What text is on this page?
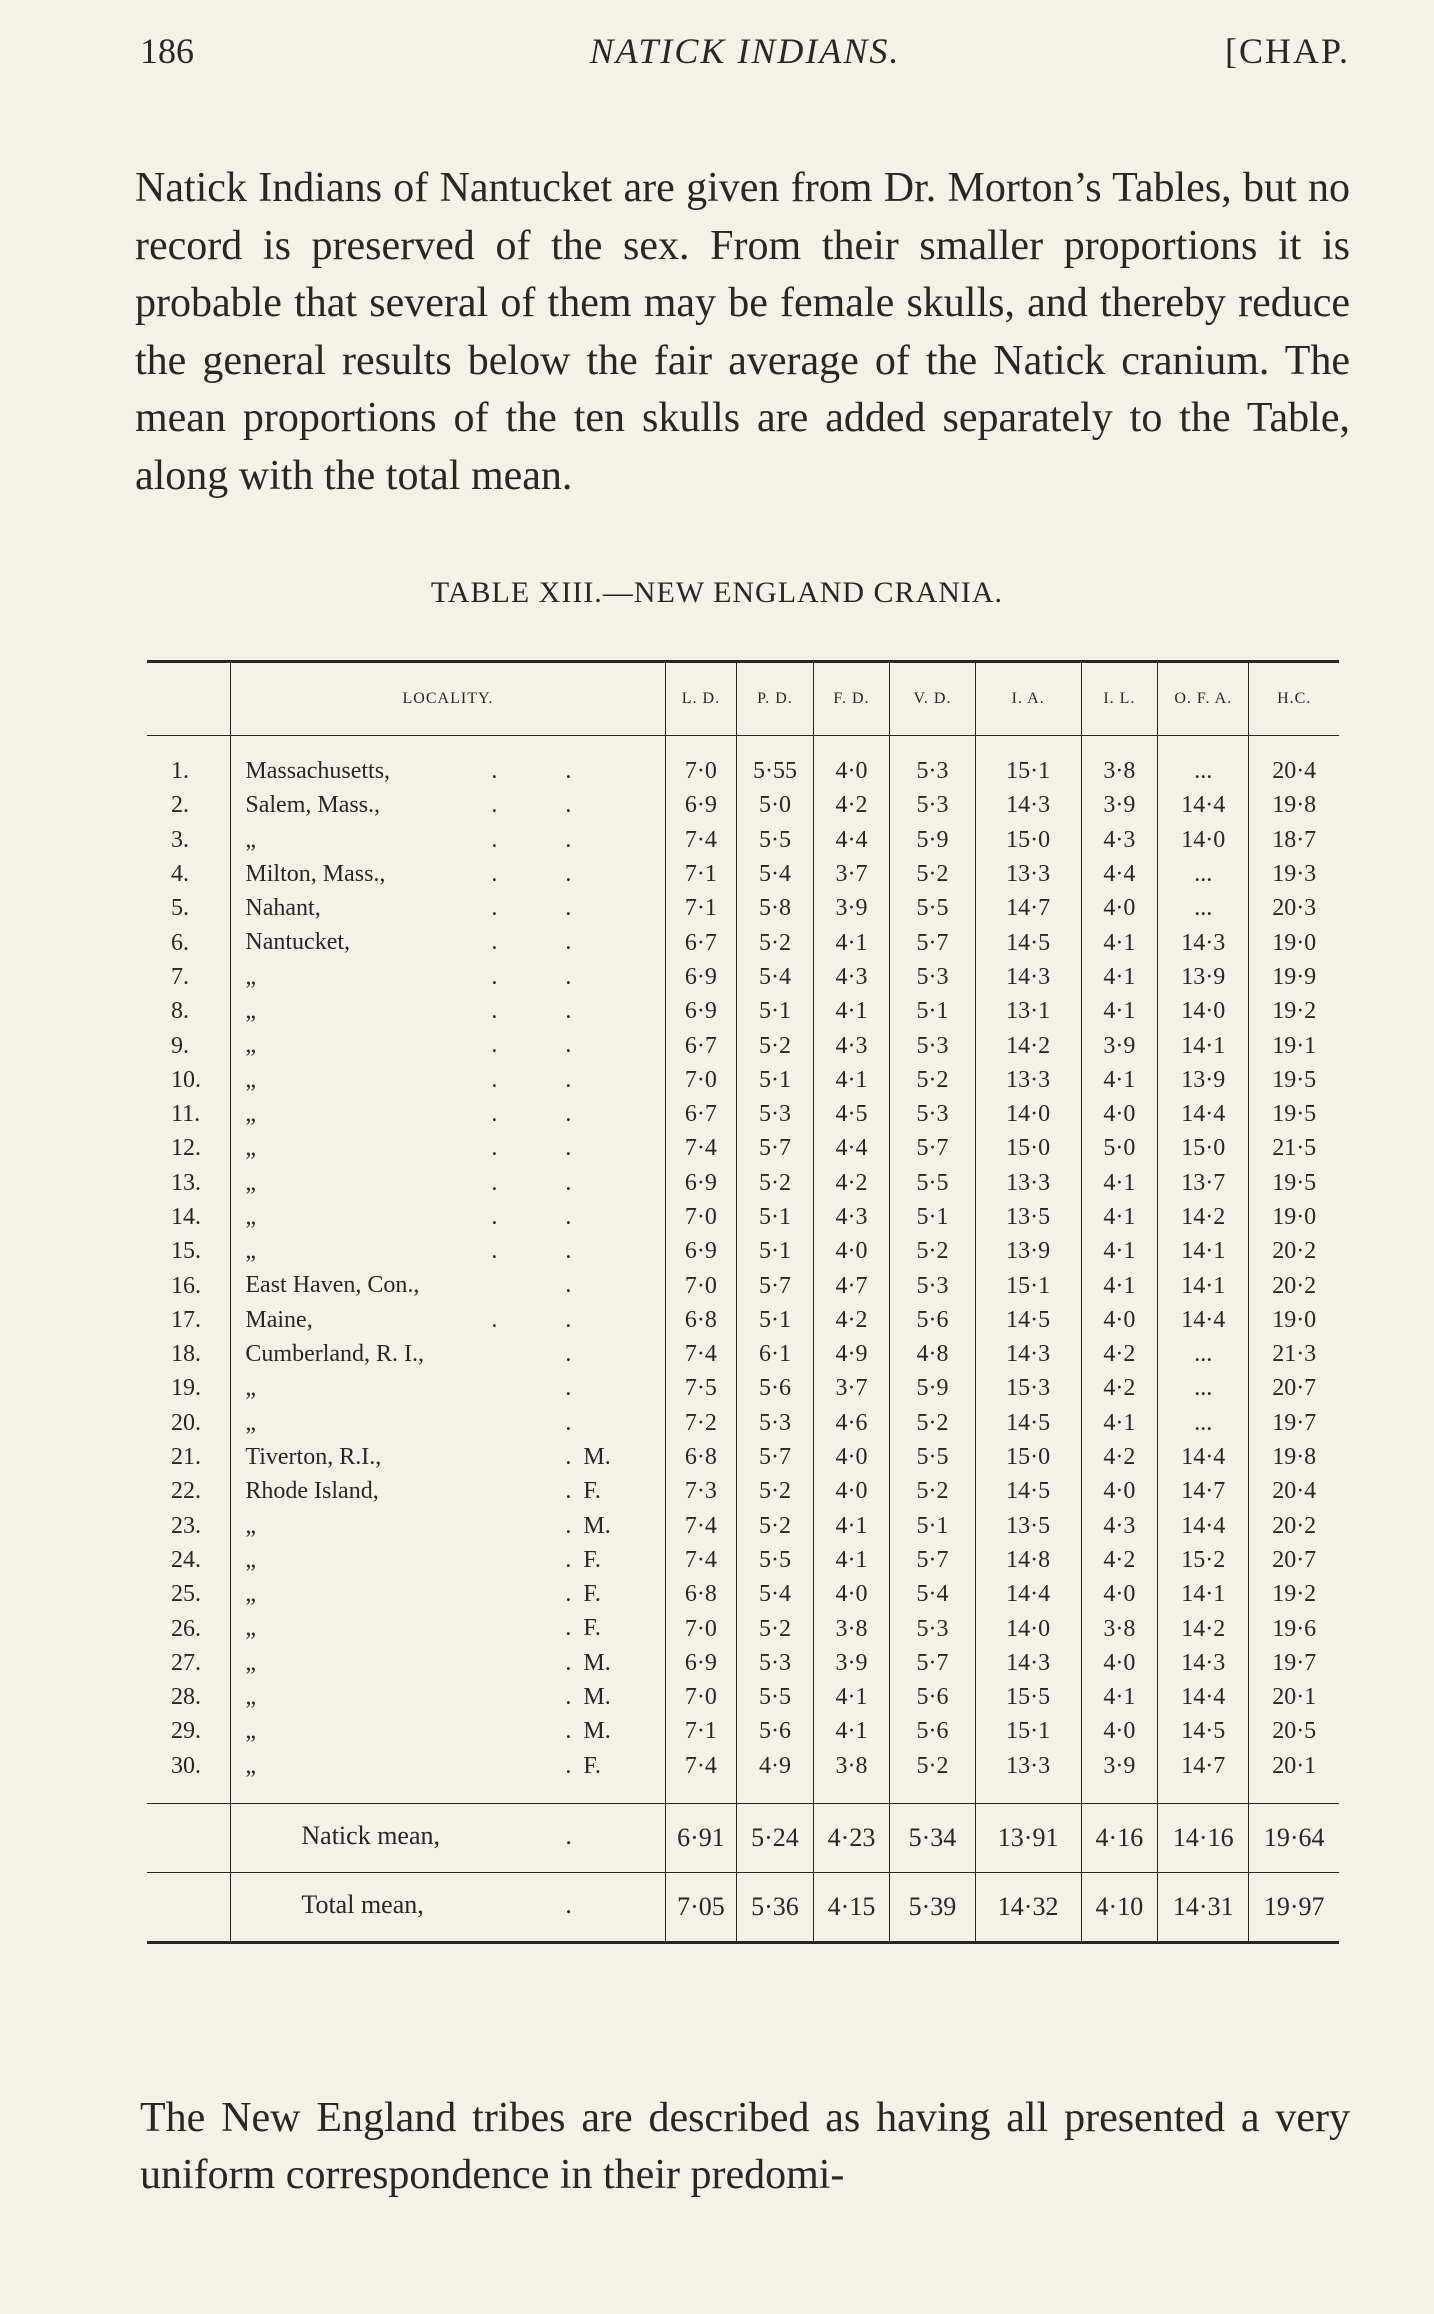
186	NATICK INDIANS.	[CHAP.

Natick Indians of Nantucket are given from Dr. Morton’s Tables, but no record is preserved of the sex. From their smaller proportions it is probable that several of them may be female skulls, and thereby reduce the general results below the fair average of the Natick cranium. The mean proportions of the ten skulls are added separately to the Table, along with the total mean.

TABLE XIII.—NEW ENGLAND CRANIA.
	LOCALITY.	L. D.	P. D.	F. D.	V. D.	I. A.	I. L.	O. F. A.	H.C.

1.	Massachusetts, . .	7·0	5·55	4·0	5·3	15·1	3·8	...	20·4
2.	Salem, Mass., . .	6·9	5·0	4·2	5·3	14·3	3·9	14·4	19·8
3.	„ . .	7·4	5·5	4·4	5·9	15·0	4·3	14·0	18·7
4.	Milton, Mass., . .	7·1	5·4	3·7	5·2	13·3	4·4	...	19·3
5.	Nahant, . .	7·1	5·8	3·9	5·5	14·7	4·0	...	20·3
6.	Nantucket, . .	6·7	5·2	4·1	5·7	14·5	4·1	14·3	19·0
7.	„ . .	6·9	5·4	4·3	5·3	14·3	4·1	13·9	19·9
8.	„ . .	6·9	5·1	4·1	5·1	13·1	4·1	14·0	19·2
9.	„ . .	6·7	5·2	4·3	5·3	14·2	3·9	14·1	19·1
10.	„ . .	7·0	5·1	4·1	5·2	13·3	4·1	13·9	19·5
11.	„ . .	6·7	5·3	4·5	5·3	14·0	4·0	14·4	19·5
12.	„ . .	7·4	5·7	4·4	5·7	15·0	5·0	15·0	21·5
13.	„ . .	6·9	5·2	4·2	5·5	13·3	4·1	13·7	19·5
14.	„ . .	7·0	5·1	4·3	5·1	13·5	4·1	14·2	19·0
15.	„ . .	6·9	5·1	4·0	5·2	13·9	4·1	14·1	20·2
16.	East Haven, Con., .	7·0	5·7	4·7	5·3	15·1	4·1	14·1	20·2
17.	Maine, . .	6·8	5·1	4·2	5·6	14·5	4·0	14·4	19·0
18.	Cumberland, R. I., .	7·4	6·1	4·9	4·8	14·3	4·2	...	21·3
19.	„ .	7·5	5·6	3·7	5·9	15·3	4·2	...	20·7
20.	„ .	7·2	5·3	4·6	5·2	14·5	4·1	...	19·7
21.	Tiverton, R.I., . M.	6·8	5·7	4·0	5·5	15·0	4·2	14·4	19·8
22.	Rhode Island, . F.	7·3	5·2	4·0	5·2	14·5	4·0	14·7	20·4
23.	„ . M.	7·4	5·2	4·1	5·1	13·5	4·3	14·4	20·2
24.	„ . F.	7·4	5·5	4·1	5·7	14·8	4·2	15·2	20·7
25.	„ . F.	6·8	5·4	4·0	5·4	14·4	4·0	14·1	19·2
26.	„ . F.	7·0	5·2	3·8	5·3	14·0	3·8	14·2	19·6
27.	„ . M.	6·9	5·3	3·9	5·7	14·3	4·0	14·3	19·7
28.	„ . M.	7·0	5·5	4·1	5·6	15·5	4·1	14·4	20·1
29.	„ . M.	7·1	5·6	4·1	5·6	15·1	4·0	14·5	20·5
30.	„ . F.	7·4	4·9	3·8	5·2	13·3	3·9	14·7	20·1

	Natick mean, .	6·91	5·24	4·23	5·34	13·91	4·16	14·16	19·64

	Total mean, .	7·05	5·36	4·15	5·39	14·32	4·10	14·31	19·97

The New England tribes are described as having all presented a very uniform correspondence in their predomi-
